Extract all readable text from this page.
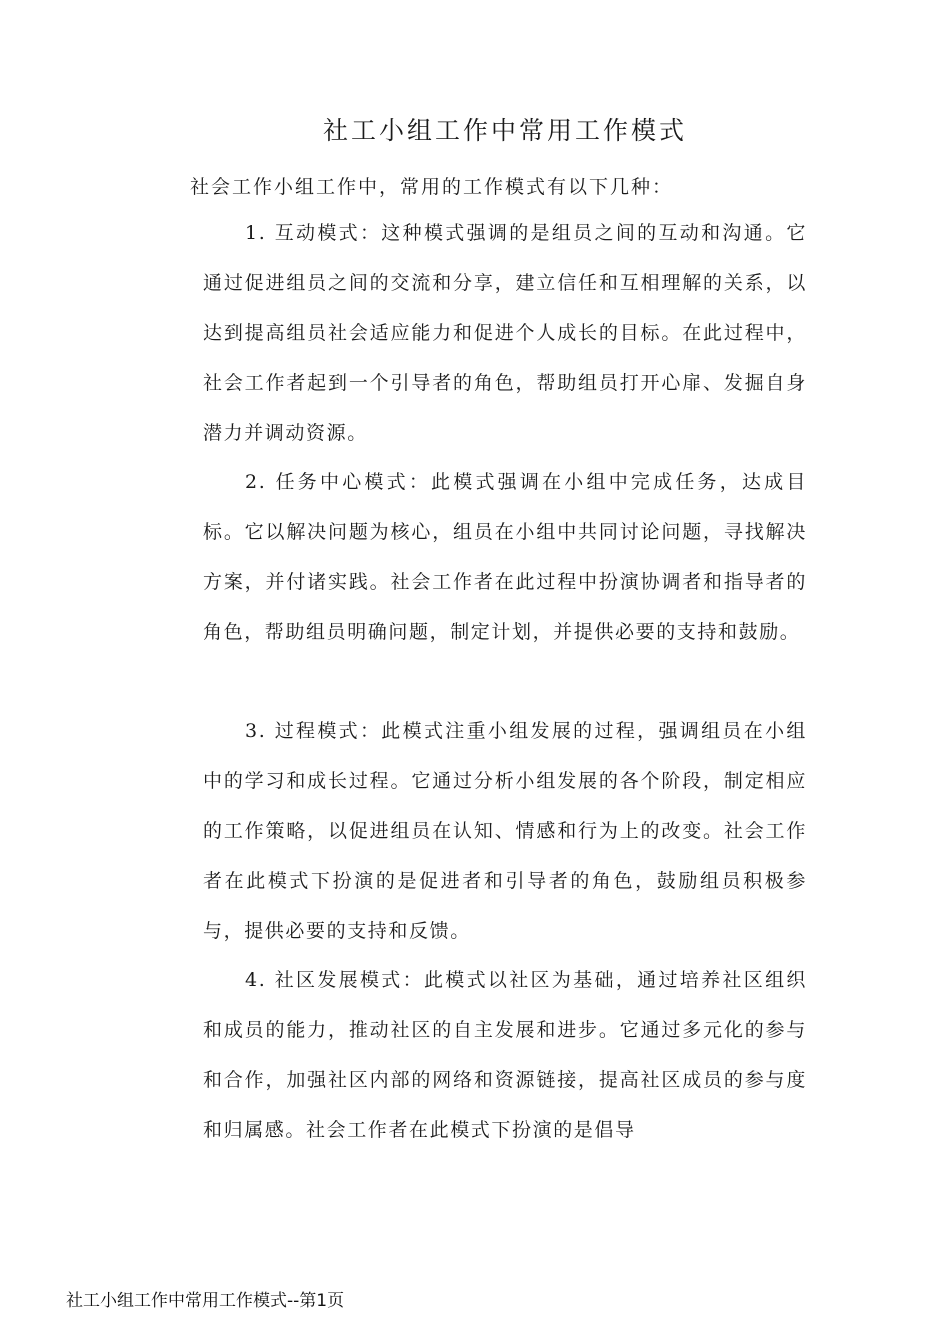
社工小组工作中常用工作模式

社会工作小组工作中，常用的工作模式有以下几种：

1. 互动模式：这种模式强调的是组员之间的互动和沟通。它通过促进组员之间的交流和分享，建立信任和互相理解的关系，以达到提高组员社会适应能力和促进个人成长的目标。在此过程中，社会工作者起到一个引导者的角色，帮助组员打开心扉、发掘自身潜力并调动资源。

2. 任务中心模式：此模式强调在小组中完成任务，达成目标。它以解决问题为核心，组员在小组中共同讨论问题，寻找解决方案，并付诸实践。社会工作者在此过程中扮演协调者和指导者的角色，帮助组员明确问题，制定计划，并提供必要的支持和鼓励。

3. 过程模式：此模式注重小组发展的过程，强调组员在小组中的学习和成长过程。它通过分析小组发展的各个阶段，制定相应的工作策略，以促进组员在认知、情感和行为上的改变。社会工作者在此模式下扮演的是促进者和引导者的角色，鼓励组员积极参与，提供必要的支持和反馈。

4. 社区发展模式：此模式以社区为基础，通过培养社区组织和成员的能力，推动社区的自主发展和进步。它通过多元化的参与和合作，加强社区内部的网络和资源链接，提高社区成员的参与度和归属感。社会工作者在此模式下扮演的是倡导

社工小组工作中常用工作模式--第1页
